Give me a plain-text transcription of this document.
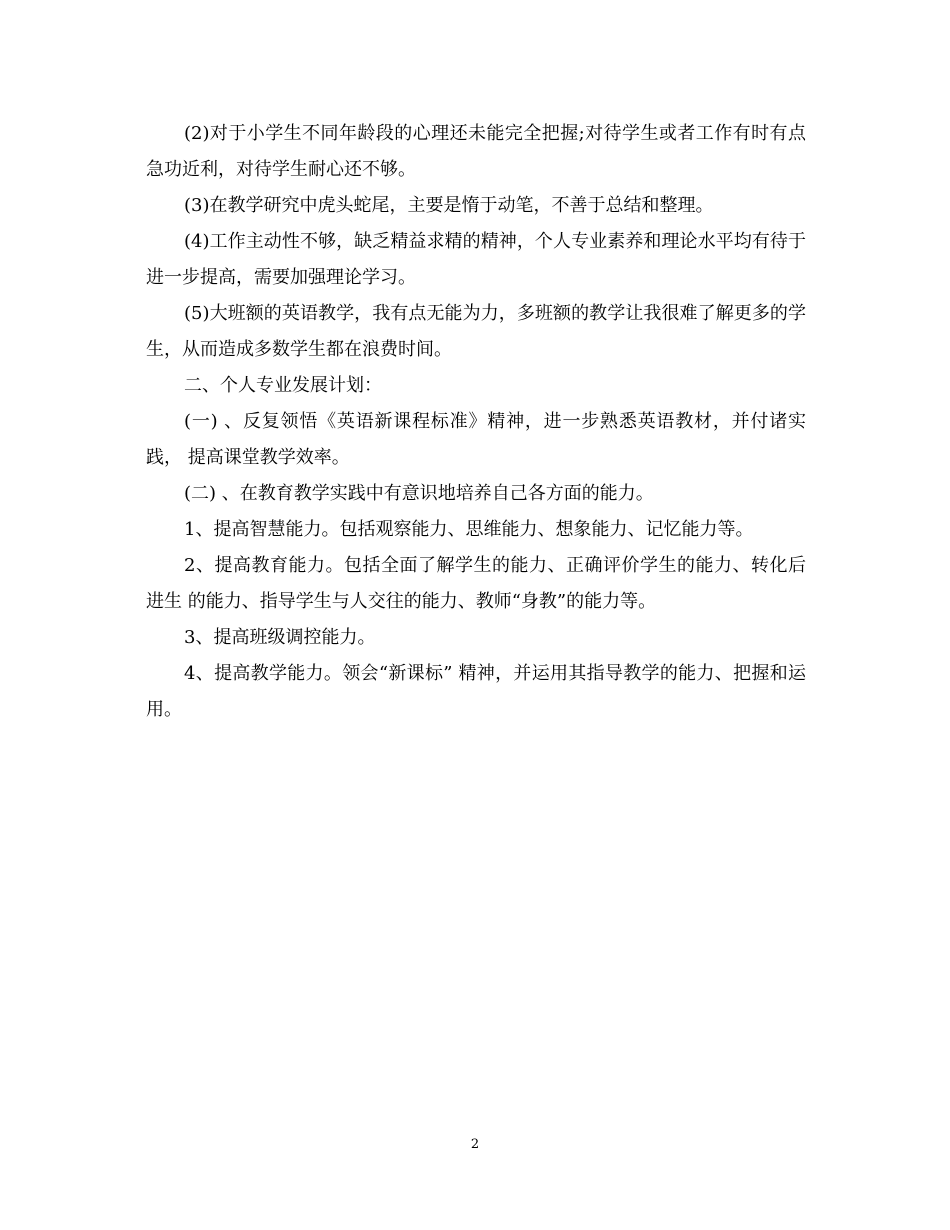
(2)对于小学生不同年龄段的心理还未能完全把握;对待学生或者工作有时有点 急功近利，对待学生耐心还不够。

(3)在教学研究中虎头蛇尾，主要是惰于动笔，不善于总结和整理。

(4)工作主动性不够，缺乏精益求精的精神，个人专业素养和理论水平均有待于 进一步提高，需要加强理论学习。

(5)大班额的英语教学，我有点无能为力，多班额的教学让我很难了解更多的学 生，从而造成多数学生都在浪费时间。

二、个人专业发展计划：

(一) 、反复领悟《英语新课程标准》精神，进一步熟悉英语教材，并付诸实践， 提高课堂教学效率。

(二) 、在教育教学实践中有意识地培养自己各方面的能力。

1、提高智慧能力。包括观察能力、思维能力、想象能力、记忆能力等。

2、提高教育能力。包括全面了解学生的能力、正确评价学生的能力、转化后进生 的能力、指导学生与人交往的能力、教师“身教”的能力等。

3、提高班级调控能力。

4、提高教学能力。领会“新课标” 精神，并运用其指导教学的能力、把握和运用。

2
